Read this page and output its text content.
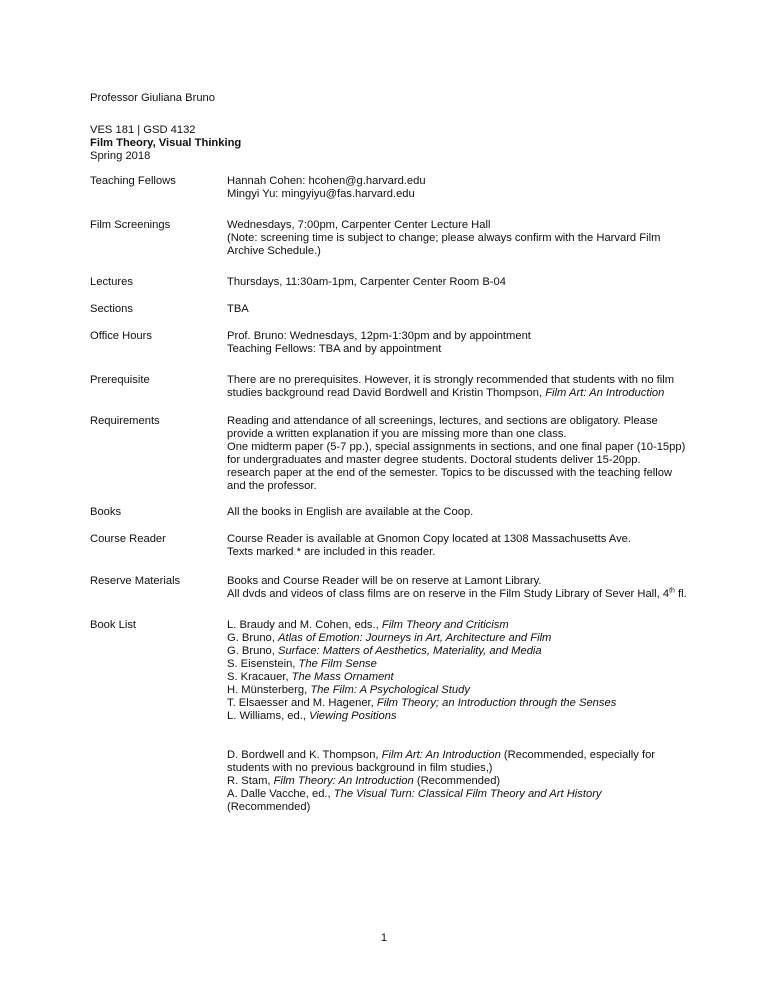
Professor Giuliana Bruno
VES 181 | GSD 4132
Film Theory, Visual Thinking
Spring 2018
Teaching Fellows	Hannah Cohen: hcohen@g.harvard.edu

Mingyi Yu: mingyiyu@fas.harvard.edu

Film Screenings	Wednesdays, 7:00pm, Carpenter Center Lecture Hall

(Note: screening time is subject to change; please always confirm with the Harvard Film Archive Schedule.)

Lectures	Thursdays, 11:30am-1pm, Carpenter Center Room B-04
Sections	TBA
Office Hours	Prof. Bruno: Wednesdays, 12pm-1:30pm and by appointment

Teaching Fellows: TBA and by appointment

Prerequisite	There are no prerequisites. However, it is strongly recommended that students with no film studies background read David Bordwell and Kristin Thompson, Film Art: An Introduction

Requirements	Reading and attendance of all screenings, lectures, and sections are obligatory. Please provide a written explanation if you are missing more than one class.

One midterm paper (5-7 pp.), special assignments in sections, and one final paper (10-15pp) for undergraduates and master degree students. Doctoral students deliver 15-20pp. research paper at the end of the semester. Topics to be discussed with the teaching fellow and the professor.

Books	All the books in English are available at the Coop.
Course Reader	Course Reader is available at Gnomon Copy located at 1308 Massachusetts Ave.

Texts marked * are included in this reader.

Reserve Materials	Books and Course Reader will be on reserve at Lamont Library.

All dvds and videos of class films are on reserve in the Film Study Library of Sever Hall, 4th fl.

Book List	L. Braudy and M. Cohen, eds., Film Theory and Criticism

G. Bruno, Atlas of Emotion: Journeys in Art, Architecture and Film

G. Bruno, Surface: Matters of Aesthetics, Materiality, and Media

S. Eisenstein, The Film Sense

S. Kracauer, The Mass Ornament

H. Münsterberg, The Film: A Psychological Study

T. Elsaesser and M. Hagener, Film Theory; an Introduction through the Senses

L. Williams, ed., Viewing Positions

D. Bordwell and K. Thompson, Film Art: An Introduction (Recommended, especially for students with no previous background in film studies,)

R. Stam, Film Theory: An Introduction (Recommended)

A. Dalle Vacche, ed., The Visual Turn: Classical Film Theory and Art History (Recommended)

1
